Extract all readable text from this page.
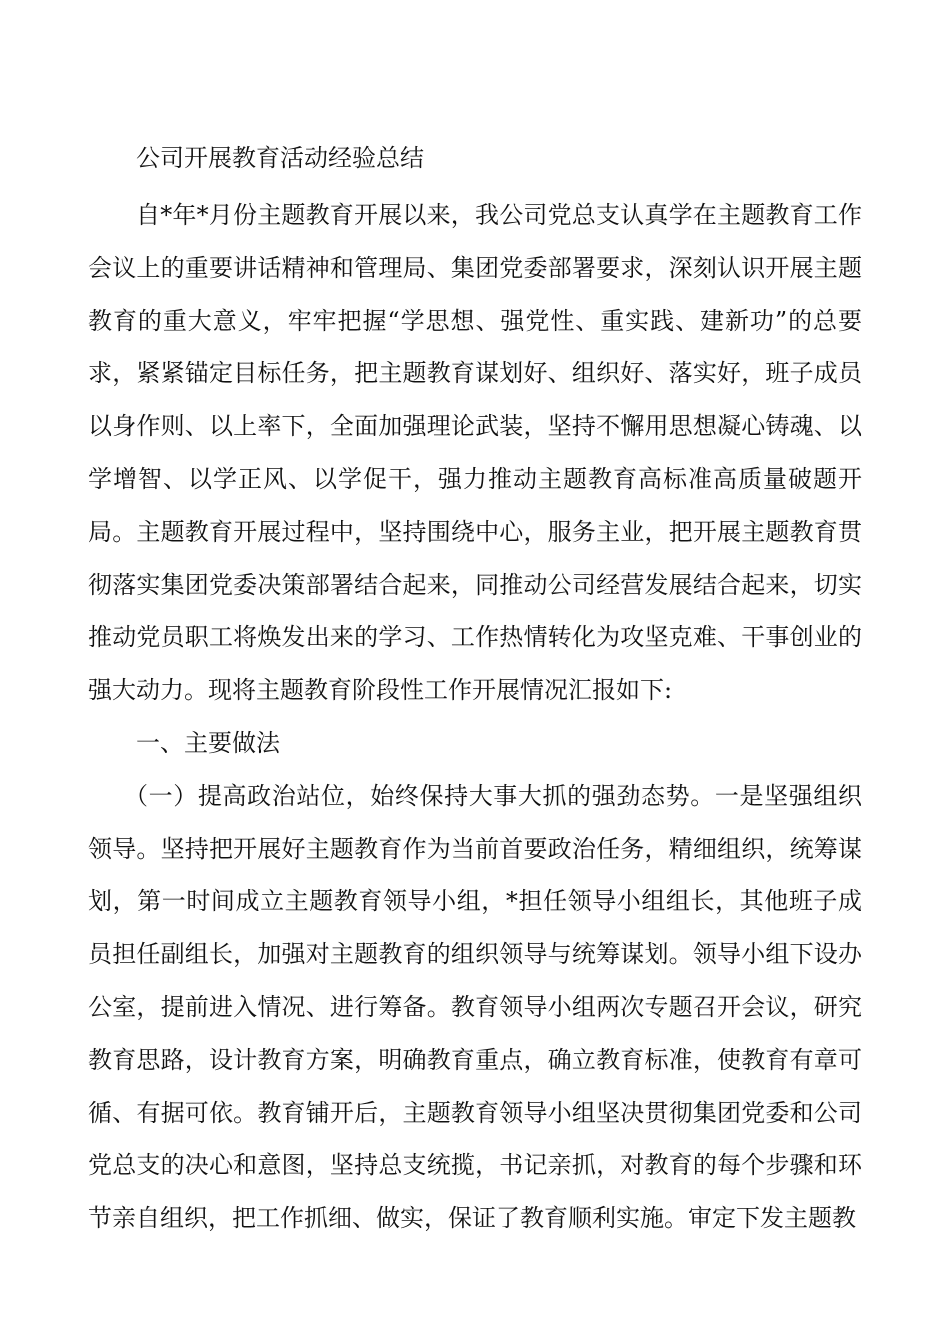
公司开展教育活动经验总结

自*年*月份主题教育开展以来，我公司党总支认真学在主题教育工作会议上的重要讲话精神和管理局、集团党委部署要求，深刻认识开展主题教育的重大意义，牢牢把握“学思想、强党性、重实践、建新功”的总要求，紧紧锚定目标任务，把主题教育谋划好、组织好、落实好，班子成员以身作则、以上率下，全面加强理论武装，坚持不懈用思想凝心铸魂、以学增智、以学正风、以学促干，强力推动主题教育高标准高质量破题开局。主题教育开展过程中，坚持围绕中心，服务主业，把开展主题教育贯彻落实集团党委决策部署结合起来，同推动公司经营发展结合起来，切实推动党员职工将焕发出来的学习、工作热情转化为攻坚克难、干事创业的强大动力。现将主题教育阶段性工作开展情况汇报如下:

一、主要做法

（一）提高政治站位，始终保持大事大抓的强劲态势。一是坚强组织领导。坚持把开展好主题教育作为当前首要政治任务，精细组织，统筹谋划，第一时间成立主题教育领导小组，*担任领导小组组长，其他班子成员担任副组长，加强对主题教育的组织领导与统筹谋划。领导小组下设办公室，提前进入情况、进行筹备。教育领导小组两次专题召开会议，研究教育思路，设计教育方案，明确教育重点，确立教育标准，使教育有章可循、有据可依。教育铺开后，主题教育领导小组坚决贯彻集团党委和公司党总支的决心和意图，坚持总支统揽，书记亲抓，对教育的每个步骤和环节亲自组织，把工作抓细、做实，保证了教育顺利实施。审定下发主题教
